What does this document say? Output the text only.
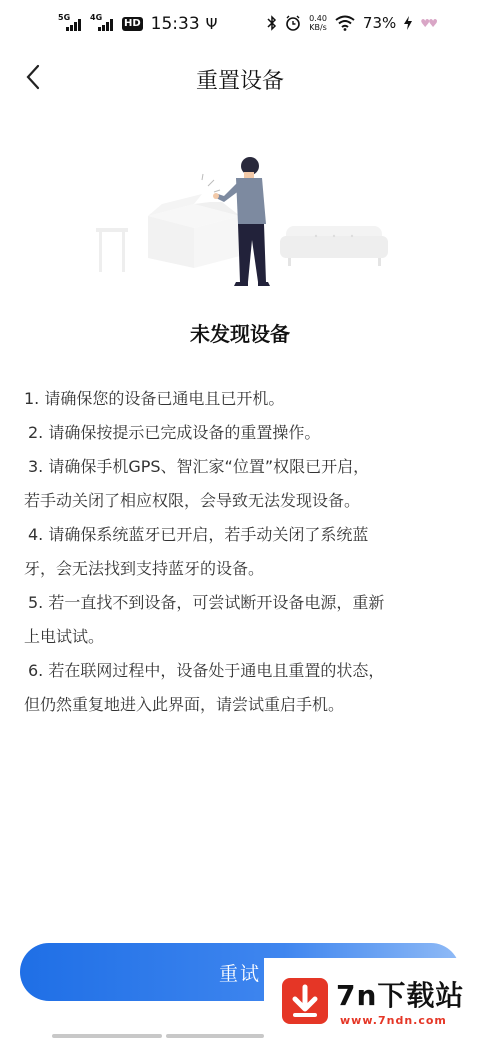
5G 4G
HD 15:33 Ψ	0.40
KB/s 73% ♥♥
重置设备
未发现设备
1. 请确保您的设备已通电且已开机。
2. 请确保按提示已完成设备的重置操作。
3. 请确保手机GPS、智汇家“位置”权限已开启，
若手动关闭了相应权限，会导致无法发现设备。
4. 请确保系统蓝牙已开启，若手动关闭了系统蓝
牙，会无法找到支持蓝牙的设备。
5. 若一直找不到设备，可尝试断开设备电源，重新
上电试试。
6. 若在联网过程中，设备处于通电且重置的状态，
但仍然重复地进入此界面，请尝试重启手机。
重试
7n下载站
www.7ndn.com
